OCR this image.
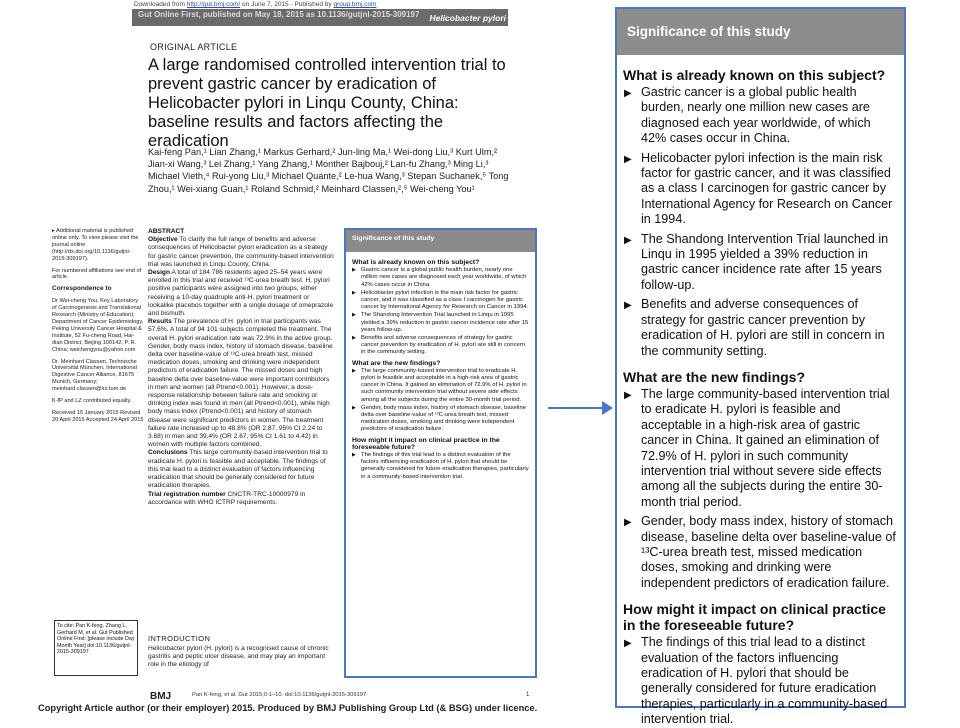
Downloaded from http://gut.bmj.com/ on June 7, 2015 - Published by group.bmj.com
Gut Online First, published on May 18, 2015 as 10.1136/gutjnl-2015-309197 Helicobacter pylori
ORIGINAL ARTICLE
A large randomised controlled intervention trial to prevent gastric cancer by eradication of Helicobacter pylori in Linqu County, China: baseline results and factors affecting the eradication
Kai-feng Pan,¹ Lian Zhang,¹ Markus Gerhard,² Jun-ling Ma,¹ Wei-dong Liu,³ Kurt Ulm,² Jian-xi Wang,³ Lei Zhang,¹ Yang Zhang,¹ Monther Bajbouj,² Lan-fu Zhang,³ Ming Li,³ Michael Vieth,⁴ Rui-yong Liu,³ Michael Quante,² Le-hua Wang,³ Stepan Suchanek,⁵ Tong Zhou,¹ Wei-xiang Guan,¹ Roland Schmid,² Meinhard Classen,²,⁵ Wei-cheng You¹

▸ Additional material is published online only. To view please visit the journal online (http://dx.doi.org/10.1136/gutjnl-2015-309197).

For numbered affiliations see end of article.

Correspondence to

Dr Wei-cheng You, Key Laboratory of Carcinogenesis and Translational Research (Ministry of Education), Department of Cancer Epidemiology, Peking University Cancer Hospital & Institute, 52 Fu-cheng Road, Hai-dian District, Beijing 100142, P. R. China; weichengyou@yahoo.com

Dr. Meinhard Classen, Technische Universität München, International Digestive Cancer Alliance, 81675 Munich, Germany; meinhard.classen@lrz.tum.de

K-fP and LZ contributed equally.

Received 15 January 2015 Revised 20 April 2015 Accepted 24 April 2015

To cite: Pan K-feng, Zhang L, Gerhard M, et al. Gut Published Online First: [please include Day Month Year] doi:10.1136/gutjnl-2015-309197

ABSTRACT

Objective To clarify the full range of benefits and adverse consequences of Helicobacter pylori eradication as a strategy for gastric cancer prevention, the community-based intervention trial was launched in Linqu County, China.

Design A total of 184 786 residents aged 25–54 years were enrolled in this trial and received ¹³C-urea breath test. H. pylori positive participants were assigned into two groups, either receiving a 10-day quadruple anti-H. pylori treatment or lookalike placebos together with a single dosage of omeprazole and bismuth.

Results The prevalence of H. pylori in trial participants was 57.6%. A total of 94 101 subjects completed the treatment. The overall H. pylori eradication rate was 72.9% in the active group. Gender, body mass index, history of stomach disease, baseline delta over baseline-value of ¹³C-urea breath test, missed medication doses, smoking and drinking were independent predictors of eradication failure. The missed doses and high baseline delta over baseline-value were important contributors in men and women (all Ptrend<0.001). However, a dose-response relationship between failure rate and smoking or drinking index was found in men (all Ptrend<0.001), while high body mass index (Ptrend<0.001) and history of stomach disease were significant predictors in women. The treatment failure rate increased up to 48.8% (OR 2.87, 95% CI 2.24 to 3.68) in men and 39.4% (OR 2.67, 95% CI 1.61 to 4.42) in women with multiple factors combined.

Conclusions This large community-based intervention trial to eradicate H. pylori is feasible and acceptable. The findings of this trial lead to a distinct evaluation of factors influencing eradication that should be generally considered for future eradication therapies.

Trial registration number ChiCTR-TRC-10000979 in accordance with WHO ICTRP requirements.

INTRODUCTION
Helicobacter pylori (H. pylori) is a recognised cause of chronic gastritis and peptic ulcer disease, and may play an important role in the etiology of
Significance of this study
What is already known on this subject?
▶ Gastric cancer is a global public health burden, nearly one million new cases are diagnosed each year worldwide, of which 42% cases occur in China.
▶ Helicobacter pylori infection is the main risk factor for gastric cancer, and it was classified as a class I carcinogen for gastric cancer by International Agency for Research on Cancer in 1994.
▶ The Shandong Intervention Trial launched in Linqu in 1995 yielded a 39% reduction in gastric cancer incidence rate after 15 years follow-up.
▶ Benefits and adverse consequences of strategy for gastric cancer prevention by eradication of H. pylori are still in concern in the community setting.
What are the new findings?
▶ The large community-based intervention trial to eradicate H. pylori is feasible and acceptable in a high-risk area of gastric cancer in China. It gained an elimination of 72.9% of H. pylori in such community intervention trial without severe side effects among all the subjects during the entire 30-month trial period.
▶ Gender, body mass index, history of stomach disease, baseline delta over baseline-value of ¹³C-urea breath test, missed medication doses, smoking and drinking were independent predictors of eradication failure.
How might it impact on clinical practice in the foreseeable future?
▶ The findings of this trial lead to a distinct evaluation of the factors influencing eradication of H. pylori that should be generally considered for future eradication therapies, particularly in a community-based intervention trial.
BMJ	Pan K-feng, et al. Gut 2015;0:1–10. doi:10.1136/gutjnl-2015-309197	1
Copyright Article author (or their employer) 2015. Produced by BMJ Publishing Group Ltd (& BSG) under licence.
Significance of this study
What is already known on this subject?
▶ Gastric cancer is a global public health burden, nearly one million new cases are diagnosed each year worldwide, of which 42% cases occur in China.
▶ Helicobacter pylori infection is the main risk factor for gastric cancer, and it was classified as a class I carcinogen for gastric cancer by International Agency for Research on Cancer in 1994.
▶ The Shandong Intervention Trial launched in Linqu in 1995 yielded a 39% reduction in gastric cancer incidence rate after 15 years follow-up.
▶ Benefits and adverse consequences of strategy for gastric cancer prevention by eradication of H. pylori are still in concern in the community setting.
What are the new findings?
▶ The large community-based intervention trial to eradicate H. pylori is feasible and acceptable in a high-risk area of gastric cancer in China. It gained an elimination of 72.9% of H. pylori in such community intervention trial without severe side effects among all the subjects during the entire 30-month trial period.
▶ Gender, body mass index, history of stomach disease, baseline delta over baseline-value of ¹³C-urea breath test, missed medication doses, smoking and drinking were independent predictors of eradication failure.
How might it impact on clinical practice in the foreseeable future?
▶ The findings of this trial lead to a distinct evaluation of the factors influencing eradication of H. pylori that should be generally considered for future eradication therapies, particularly in a community-based intervention trial.
